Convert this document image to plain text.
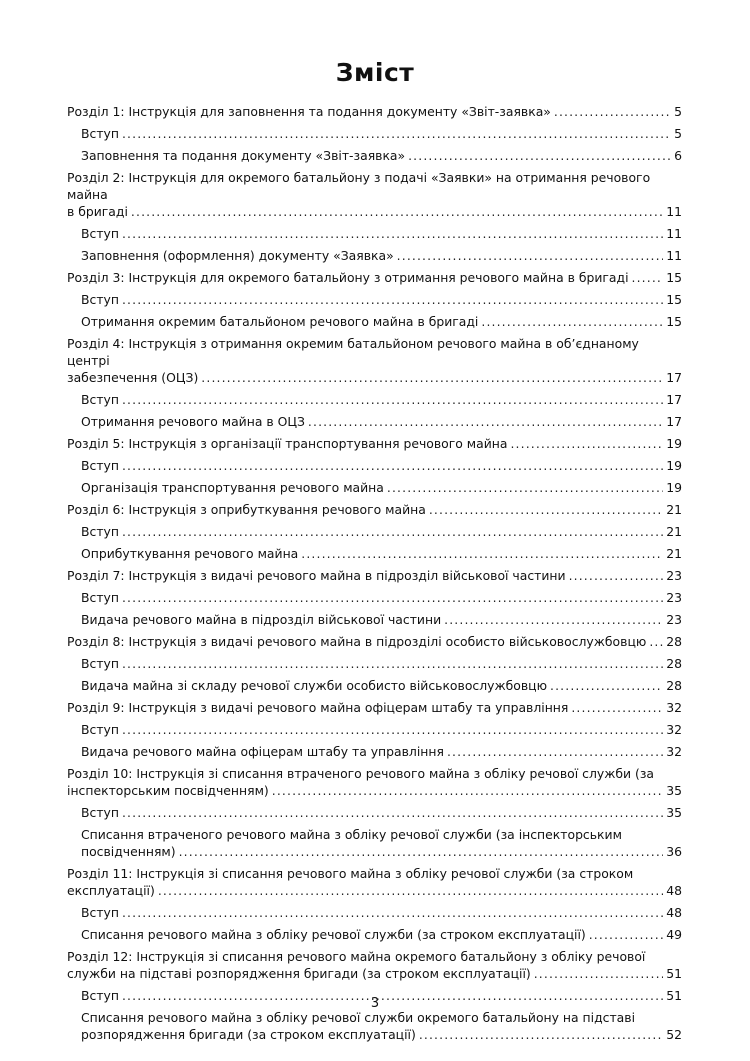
Зміст
Розділ 1: Інструкція для заповнення та подання документу «Звіт-заявка» . . .	5
Вступ . . .	5
Заповнення та подання документу «Звіт-заявка» . . .	6
Розділ 2: Інструкція для окремого батальйону з подачі «Заявки» на отримання речового майна
в бригаді . . .	11
Вступ . . .	11
Заповнення (оформлення) документу «Заявка» . . .	11
Розділ 3: Інструкція для окремого батальйону з отримання речового майна в бригаді . . .	15
Вступ . . .	15
Отримання окремим батальйоном речового майна в бригаді . . .	15
Розділ 4: Інструкція з отримання окремим батальйоном речового майна в об’єднаному центрі
забезпечення (ОЦЗ) . . .	17
Вступ . . .	17
Отримання речового майна в ОЦЗ . . .	17
Розділ 5: Інструкція з організації транспортування речового майна . . .	19
Вступ . . .	19
Організація транспортування речового майна . . .	19
Розділ 6: Інструкція з оприбуткування речового майна . . .	21
Вступ . . .	21
Оприбуткування речового майна . . .	21
Розділ 7: Інструкція з видачі речового майна в підрозділ військової частини . . .	23
Вступ . . .	23
Видача речового майна в підрозділ військової частини . . .	23
Розділ 8: Інструкція з видачі речового майна в підрозділі особисто військовослужбовцю . . . 28
Вступ . . .	28
Видача майна зі складу речової служби особисто військовослужбовцю . . .	28
Розділ 9: Інструкція з видачі речового майна офіцерам штабу та управління . . .	32
Вступ . . .	32
Видача речового майна офіцерам штабу та управління . . .	32
Розділ 10: Інструкція зі списання втраченого речового майна з обліку речової служби (за
інспекторським посвідченням) . . .	35
Вступ . . .	35
Списання втраченого речового майна з обліку речової служби (за інспекторським
посвідченням) . . .	36
Розділ 11: Інструкція зі списання речового майна з обліку речової служби (за строком
експлуатації) . . .	48
Вступ . . .	48
Списання речового майна з обліку речової служби (за строком експлуатації) . . .	49
Розділ 12: Інструкція зі списання речового майна окремого батальйону з обліку речової
служби на підставі розпорядження бригади (за строком експлуатації) . . .	51
Вступ . . .	51
Списання речового майна з обліку речової служби окремого батальйону на підставі
розпорядження бригади (за строком експлуатації) . . .	52
3
